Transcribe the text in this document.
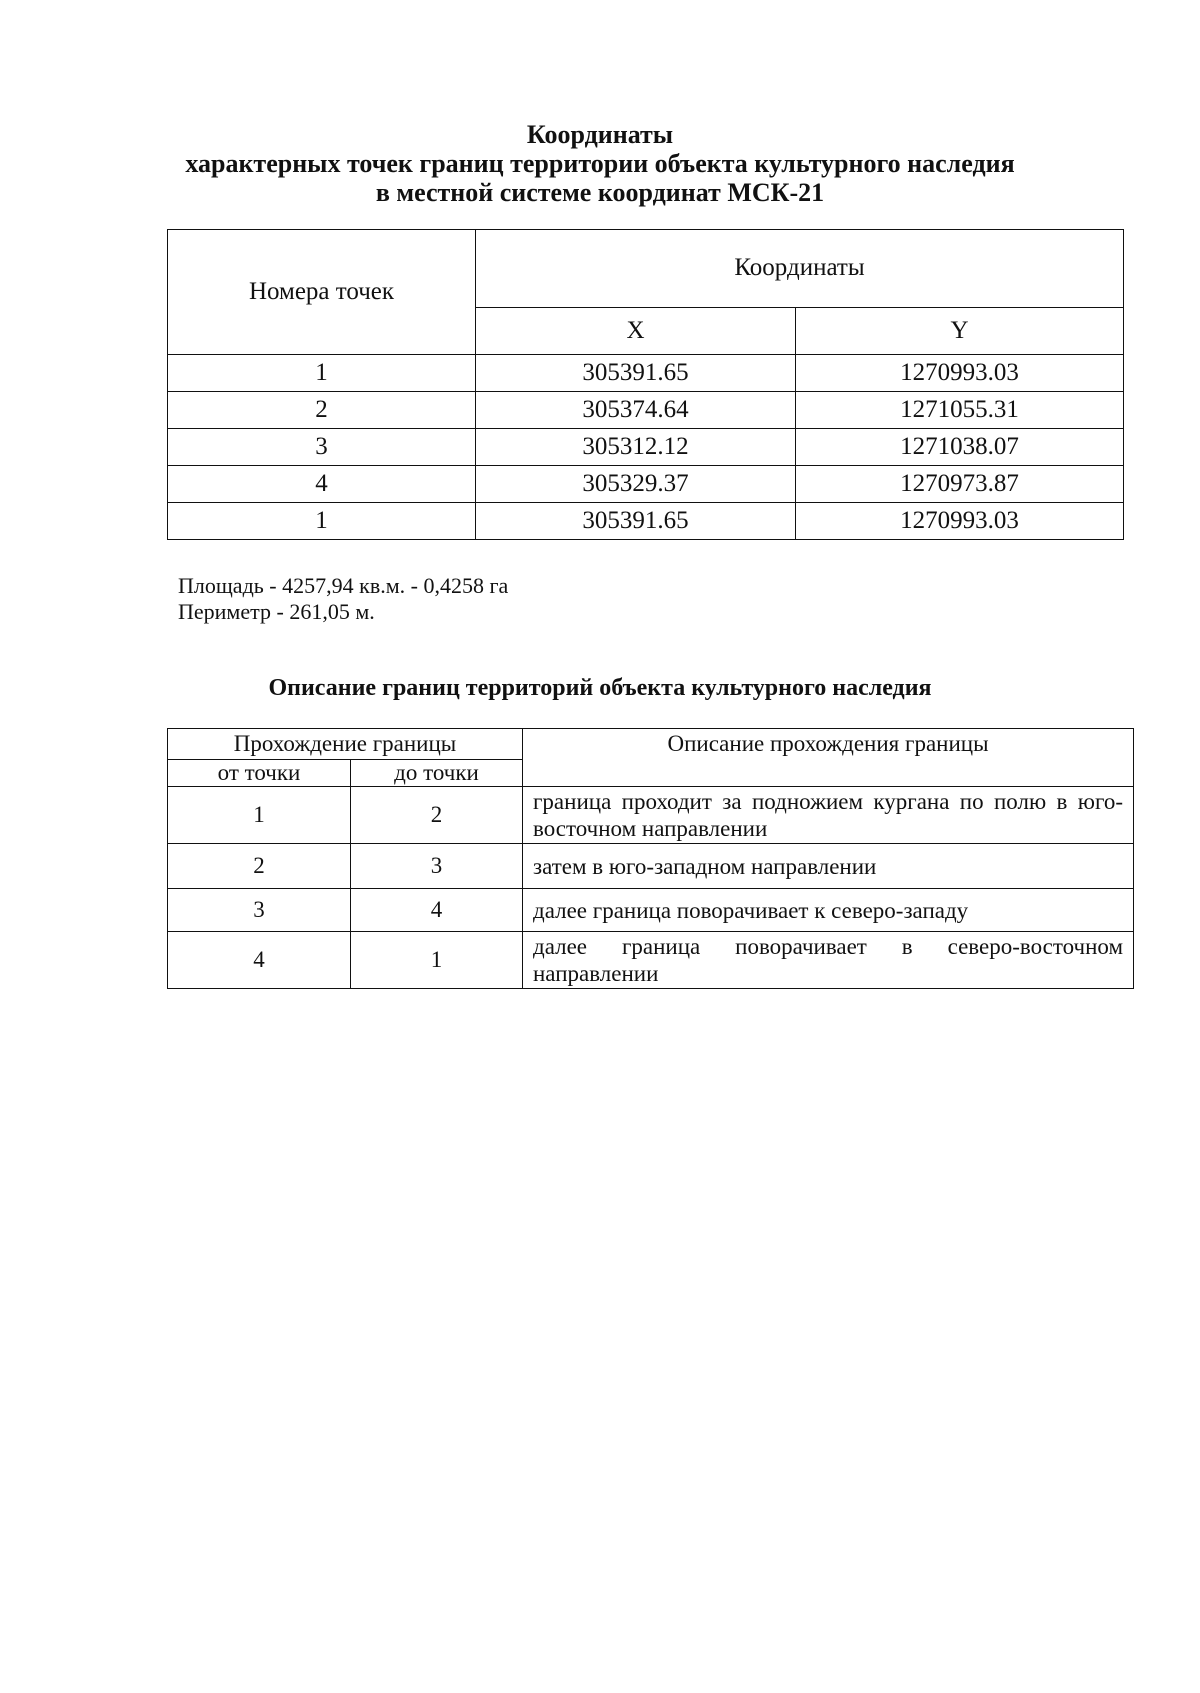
Координаты
характерных точек границ территории объекта культурного наследия
в местной системе координат МСК-21
Номера точек	Координаты	
	X	Y
1	305391.65	1270993.03
2	305374.64	1271055.31
3	305312.12	1271038.07
4	305329.37	1270973.87
1	305391.65	1270993.03
Площадь - 4257,94 кв.м. - 0,4258 га
Периметр - 261,05 м.
Описание границ территорий объекта культурного наследия
Прохождение границы		Описание прохождения границы
от точки	до точки	
1	2	граница проходит за подножием кургана по полю в юго-восточном направлении
2	3	затем в юго-западном направлении
3	4	далее граница поворачивает к северо-западу
4	1	далее граница поворачивает в северо-восточном направлении
